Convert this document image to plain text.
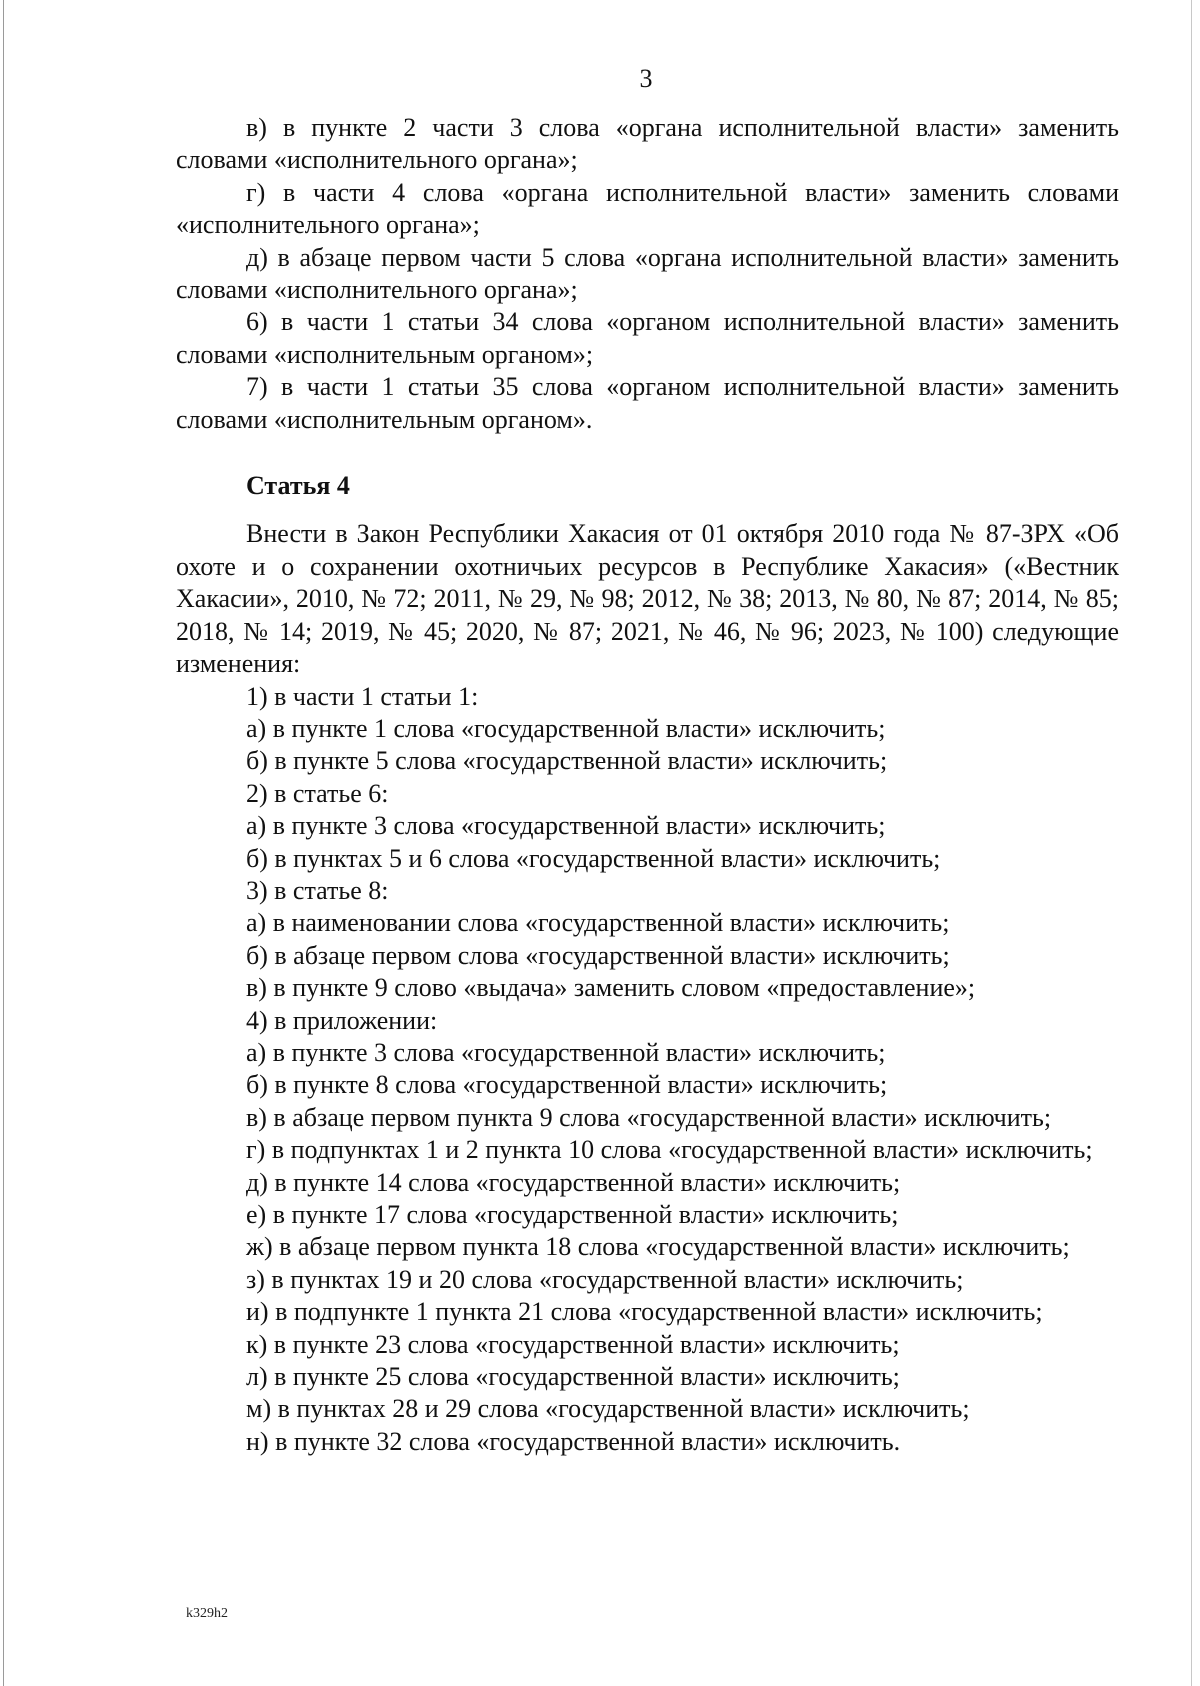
3

в) в пункте 2 части 3 слова «органа исполнительной власти» заменить словами «исполнительного органа»;

г) в части 4 слова «органа исполнительной власти» заменить словами «исполнительного органа»;

д) в абзаце первом части 5 слова «органа исполнительной власти» заменить словами «исполнительного органа»;

6) в части 1 статьи 34 слова «органом исполнительной власти» заменить словами «исполнительным органом»;

7) в части 1 статьи 35 слова «органом исполнительной власти» заменить словами «исполнительным органом».

Статья 4

Внести в Закон Республики Хакасия от 01 октября 2010 года № 87-ЗРХ «Об охоте и о сохранении охотничьих ресурсов в Республике Хакасия» («Вестник Хакасии», 2010, № 72; 2011, № 29, № 98; 2012, № 38; 2013, № 80, № 87; 2014, № 85; 2018, № 14; 2019, № 45; 2020, № 87; 2021, № 46, № 96; 2023, № 100) следующие изменения:

1) в части 1 статьи 1:

а) в пункте 1 слова «государственной власти» исключить;

б) в пункте 5 слова «государственной власти» исключить;

2) в статье 6:

а) в пункте 3 слова «государственной власти» исключить;

б) в пунктах 5 и 6 слова «государственной власти» исключить;

3) в статье 8:

а) в наименовании слова «государственной власти» исключить;

б) в абзаце первом слова «государственной власти» исключить;

в) в пункте 9 слово «выдача» заменить словом «предоставление»;

4) в приложении:

а) в пункте 3 слова «государственной власти» исключить;

б) в пункте 8 слова «государственной власти» исключить;

в) в абзаце первом пункта 9 слова «государственной власти» исключить;

г) в подпунктах 1 и 2 пункта 10 слова «государственной власти» исключить;

д) в пункте 14 слова «государственной власти» исключить;

е) в пункте 17 слова «государственной власти» исключить;

ж) в абзаце первом пункта 18 слова «государственной власти» исключить;

з) в пунктах 19 и 20 слова «государственной власти» исключить;

и) в подпункте 1 пункта 21 слова «государственной власти» исключить;

к) в пункте 23 слова «государственной власти» исключить;

л) в пункте 25 слова «государственной власти» исключить;

м) в пунктах 28 и 29 слова «государственной власти» исключить;

н) в пункте 32 слова «государственной власти» исключить.

k329h2
